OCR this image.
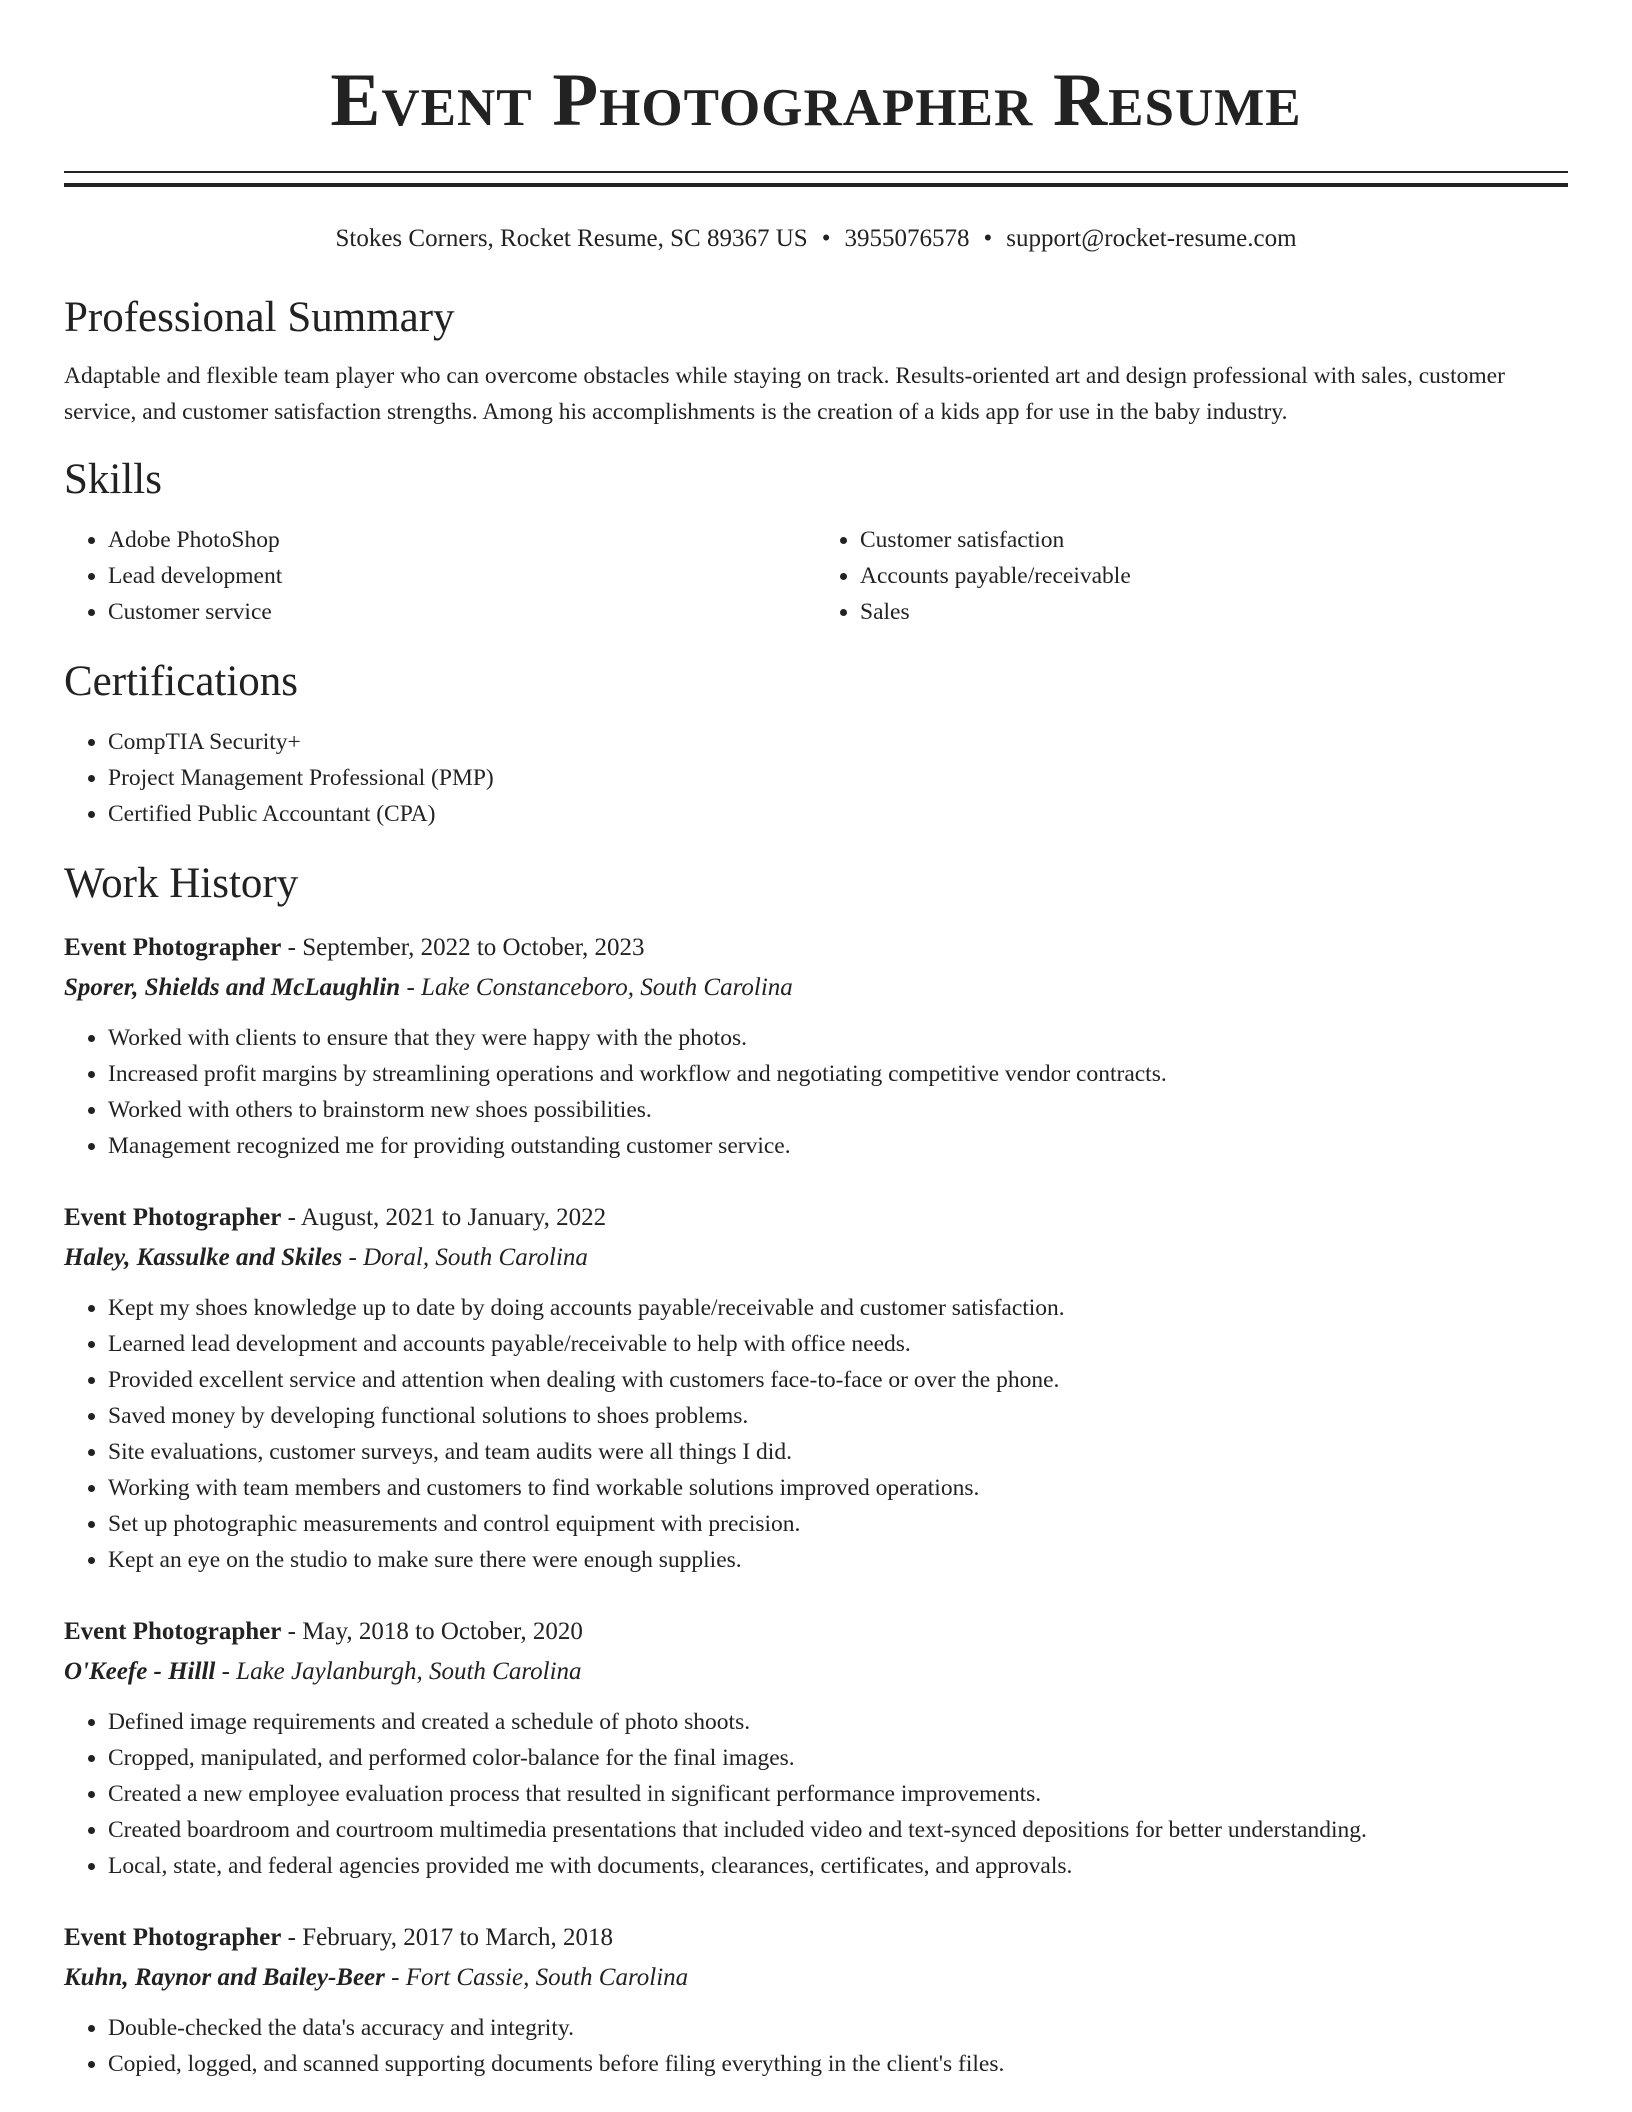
Event Photographer Resume
Stokes Corners, Rocket Resume, SC 89367 US • 3955076578 • support@rocket-resume.com
Professional Summary

Adaptable and flexible team player who can overcome obstacles while staying on track. Results-oriented art and design professional with sales, customer service, and customer satisfaction strengths. Among his accomplishments is the creation of a kids app for use in the baby industry.

Skills
• Adobe PhotoShop
• Lead development
• Customer service
• Customer satisfaction
• Accounts payable/receivable
• Sales
Certifications
• CompTIA Security+
• Project Management Professional (PMP)
• Certified Public Accountant (CPA)
Work History
Event Photographer - September, 2022 to October, 2023
Sporer, Shields and McLaughlin - Lake Constanceboro, South Carolina
• Worked with clients to ensure that they were happy with the photos.
• Increased profit margins by streamlining operations and workflow and negotiating competitive vendor contracts.
• Worked with others to brainstorm new shoes possibilities.
• Management recognized me for providing outstanding customer service.
Event Photographer - August, 2021 to January, 2022
Haley, Kassulke and Skiles - Doral, South Carolina
• Kept my shoes knowledge up to date by doing accounts payable/receivable and customer satisfaction.
• Learned lead development and accounts payable/receivable to help with office needs.
• Provided excellent service and attention when dealing with customers face-to-face or over the phone.
• Saved money by developing functional solutions to shoes problems.
• Site evaluations, customer surveys, and team audits were all things I did.
• Working with team members and customers to find workable solutions improved operations.
• Set up photographic measurements and control equipment with precision.
• Kept an eye on the studio to make sure there were enough supplies.
Event Photographer - May, 2018 to October, 2020
O'Keefe - Hilll - Lake Jaylanburgh, South Carolina
• Defined image requirements and created a schedule of photo shoots.
• Cropped, manipulated, and performed color-balance for the final images.
• Created a new employee evaluation process that resulted in significant performance improvements.
• Created boardroom and courtroom multimedia presentations that included video and text-synced depositions for better understanding.
• Local, state, and federal agencies provided me with documents, clearances, certificates, and approvals.
Event Photographer - February, 2017 to March, 2018
Kuhn, Raynor and Bailey-Beer - Fort Cassie, South Carolina
• Double-checked the data's accuracy and integrity.
• Copied, logged, and scanned supporting documents before filing everything in the client's files.
